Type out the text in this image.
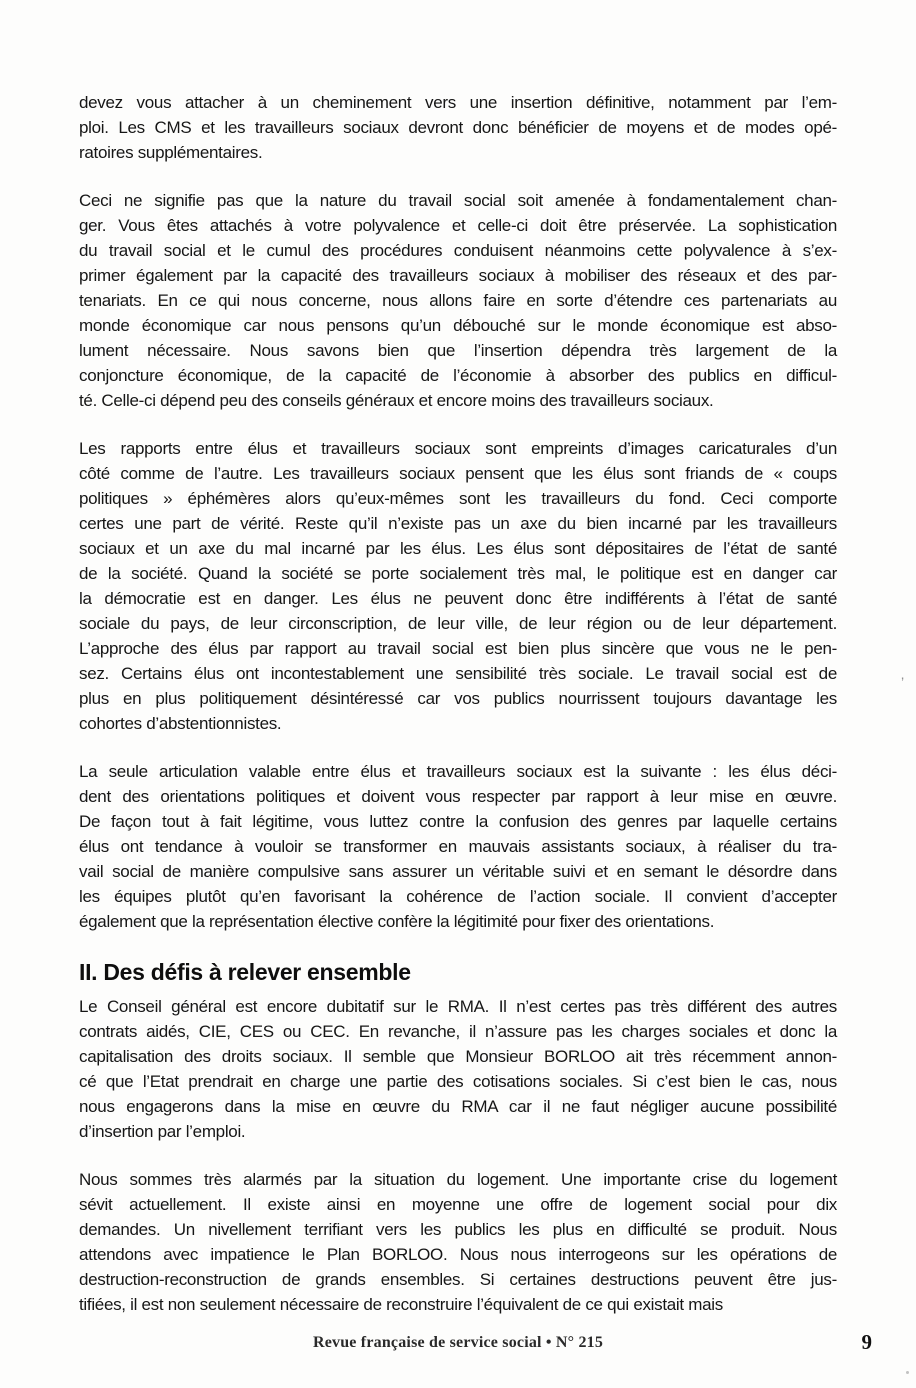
devez vous attacher à un cheminement vers une insertion définitive, notamment par l’em-
ploi. Les CMS et les travailleurs sociaux devront donc bénéficier de moyens et de modes opé-
ratoires supplémentaires.
Ceci ne signifie pas que la nature du travail social soit amenée à fondamentalement chan-
ger. Vous êtes attachés à votre polyvalence et celle-ci doit être préservée. La sophistication
du travail social et le cumul des procédures conduisent néanmoins cette polyvalence à s’ex-
primer également par la capacité des travailleurs sociaux à mobiliser des réseaux et des par-
tenariats. En ce qui nous concerne, nous allons faire en sorte d’étendre ces partenariats au
monde économique car nous pensons qu’un débouché sur le monde économique est abso-
lument nécessaire. Nous savons bien que l’insertion dépendra très largement de la
conjoncture économique, de la capacité de l’économie à absorber des publics en difficul-
té. Celle-ci dépend peu des conseils généraux et encore moins des travailleurs sociaux.
Les rapports entre élus et travailleurs sociaux sont empreints d’images caricaturales d’un
côté comme de l’autre. Les travailleurs sociaux pensent que les élus sont friands de « coups
politiques » éphémères alors qu’eux-mêmes sont les travailleurs du fond. Ceci comporte
certes une part de vérité. Reste qu’il n’existe pas un axe du bien incarné par les travailleurs
sociaux et un axe du mal incarné par les élus. Les élus sont dépositaires de l’état de santé
de la société. Quand la société se porte socialement très mal, le politique est en danger car
la démocratie est en danger. Les élus ne peuvent donc être indifférents à l’état de santé
sociale du pays, de leur circonscription, de leur ville, de leur région ou de leur département.
L’approche des élus par rapport au travail social est bien plus sincère que vous ne le pen-
sez. Certains élus ont incontestablement une sensibilité très sociale. Le travail social est de
plus en plus politiquement désintéressé car vos publics nourrissent toujours davantage les
cohortes d’abstentionnistes.
La seule articulation valable entre élus et travailleurs sociaux est la suivante : les élus déci-
dent des orientations politiques et doivent vous respecter par rapport à leur mise en œuvre.
De façon tout à fait légitime, vous luttez contre la confusion des genres par laquelle certains
élus ont tendance à vouloir se transformer en mauvais assistants sociaux, à réaliser du tra-
vail social de manière compulsive sans assurer un véritable suivi et en semant le désordre dans
les équipes plutôt qu’en favorisant la cohérence de l’action sociale. Il convient d’accepter
également que la représentation élective confère la légitimité pour fixer des orientations.
II. Des défis à relever ensemble
Le Conseil général est encore dubitatif sur le RMA. Il n’est certes pas très différent des autres
contrats aidés, CIE, CES ou CEC. En revanche, il n’assure pas les charges sociales et donc la
capitalisation des droits sociaux. Il semble que Monsieur BORLOO ait très récemment annon-
cé que l’Etat prendrait en charge une partie des cotisations sociales. Si c’est bien le cas, nous
nous engagerons dans la mise en œuvre du RMA car il ne faut négliger aucune possibilité
d’insertion par l’emploi.
Nous sommes très alarmés par la situation du logement. Une importante crise du logement
sévit actuellement. Il existe ainsi en moyenne une offre de logement social pour dix
demandes. Un nivellement terrifiant vers les publics les plus en difficulté se produit. Nous
attendons avec impatience le Plan BORLOO. Nous nous interrogeons sur les opérations de
destruction-reconstruction de grands ensembles. Si certaines destructions peuvent être jus-
tifiées, il est non seulement nécessaire de reconstruire l’équivalent de ce qui existait mais
Revue française de service social • N° 215	9
’
